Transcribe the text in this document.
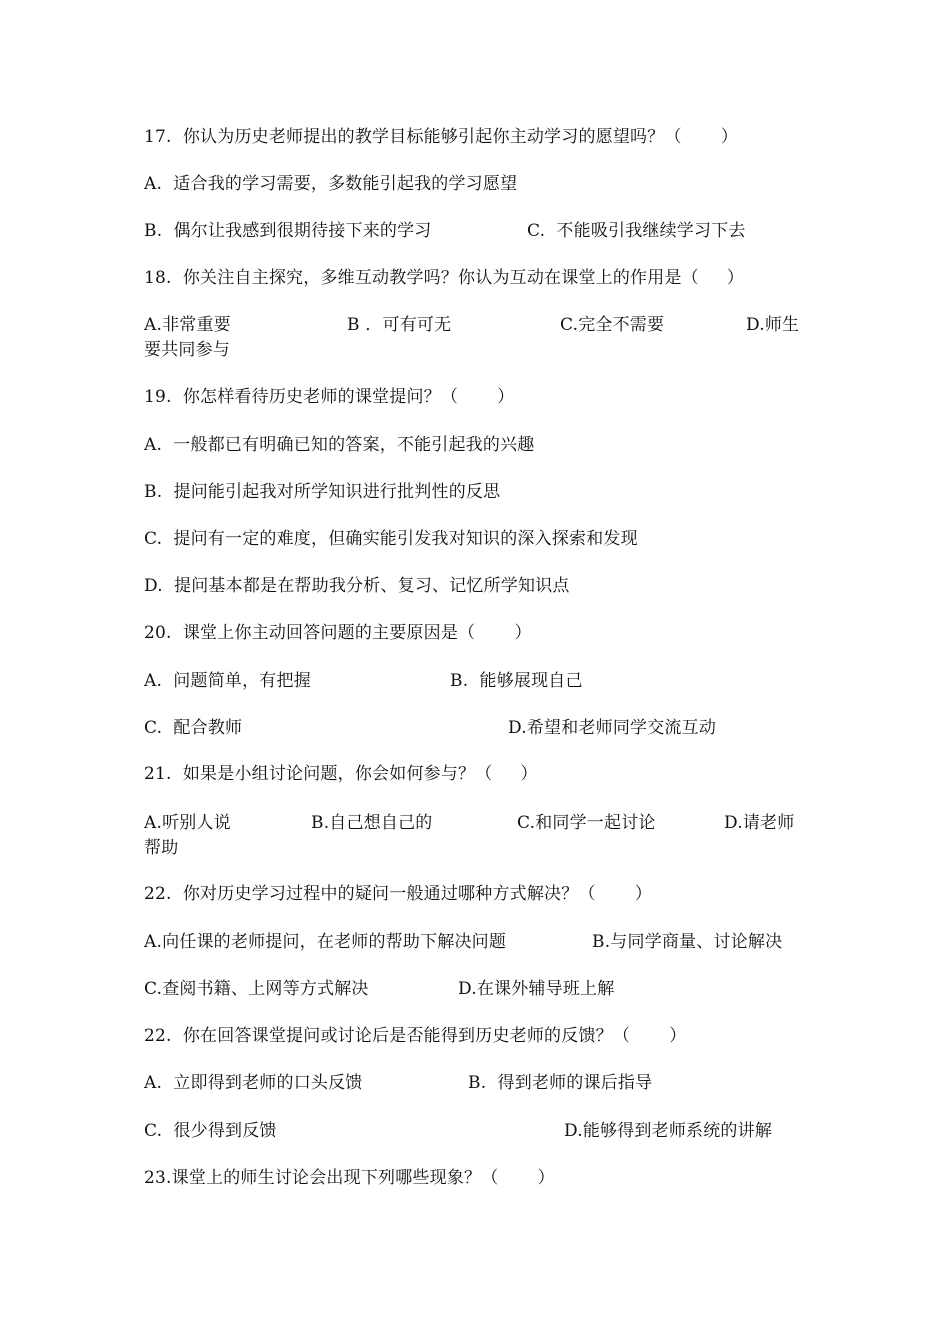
17.  你认为历史老师提出的教学目标能够引起你主动学习的愿望吗？（       ）
A.  适合我的学习需要，多数能引起我的学习愿望

B.  偶尔让我感到很期待接下来的学习

	C.  不能吸引我继续学习下去

18.  你关注自主探究，多维互动教学吗？你认为互动在课堂上的作用是（     ）

A.非常重要

	B ．可有可无

	C.完全不需要

	D.师生

要共同参与
19.  你怎样看待历史老师的课堂提问？（       ）
A.  一般都已有明确已知的答案，不能引起我的兴趣
B.  提问能引起我对所学知识进行批判性的反思
C.  提问有一定的难度，但确实能引发我对知识的深入探索和发现
D.  提问基本都是在帮助我分析、复习、记忆所学知识点
20.  课堂上你主动回答问题的主要原因是（       ）

A.  问题简单，有把握

	B.  能够展现自己

C.  配合教师

	D.希望和老师同学交流互动

21.  如果是小组讨论问题，你会如何参与？（     ）

A.听别人说

	B.自己想自己的

	C.和同学一起讨论

	D.请老师

帮助
22.  你对历史学习过程中的疑问一般通过哪种方式解决？（       ）

A.向任课的老师提问，在老师的帮助下解决问题

	B.与同学商量、讨论解决

C.查阅书籍、上网等方式解决

	D.在课外辅导班上解

22.  你在回答课堂提问或讨论后是否能得到历史老师的反馈？（       ）

A.  立即得到老师的口头反馈

	B.  得到老师的课后指导

C.  很少得到反馈

	D.能够得到老师系统的讲解

23.课堂上的师生讨论会出现下列哪些现象？（       ）
